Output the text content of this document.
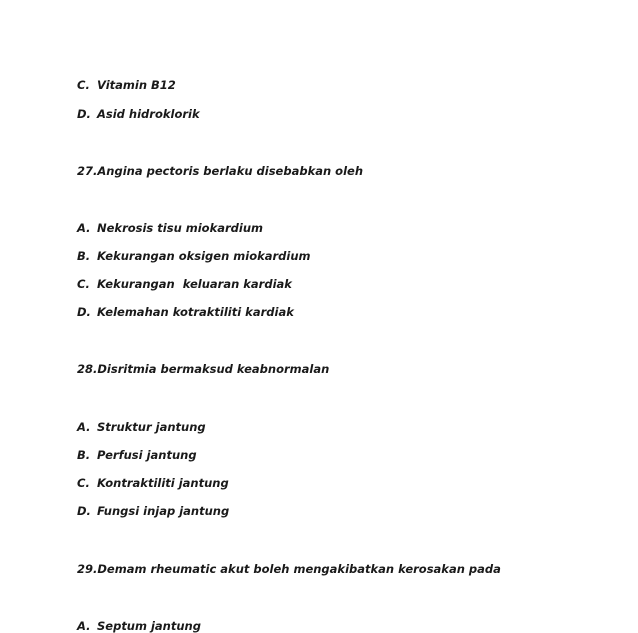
C. Vitamin B12
D. Asid hidroklorik
27.Angina pectoris berlaku disebabkan oleh
A. Nekrosis tisu miokardium
B. Kekurangan oksigen miokardium
C. Kekurangan  keluaran kardiak
D. Kelemahan kotraktiliti kardiak
28.Disritmia bermaksud keabnormalan
A. Struktur jantung
B. Perfusi jantung
C. Kontraktiliti jantung
D. Fungsi injap jantung
29.Demam rheumatic akut boleh mengakibatkan kerosakan pada
A. Septum jantung
